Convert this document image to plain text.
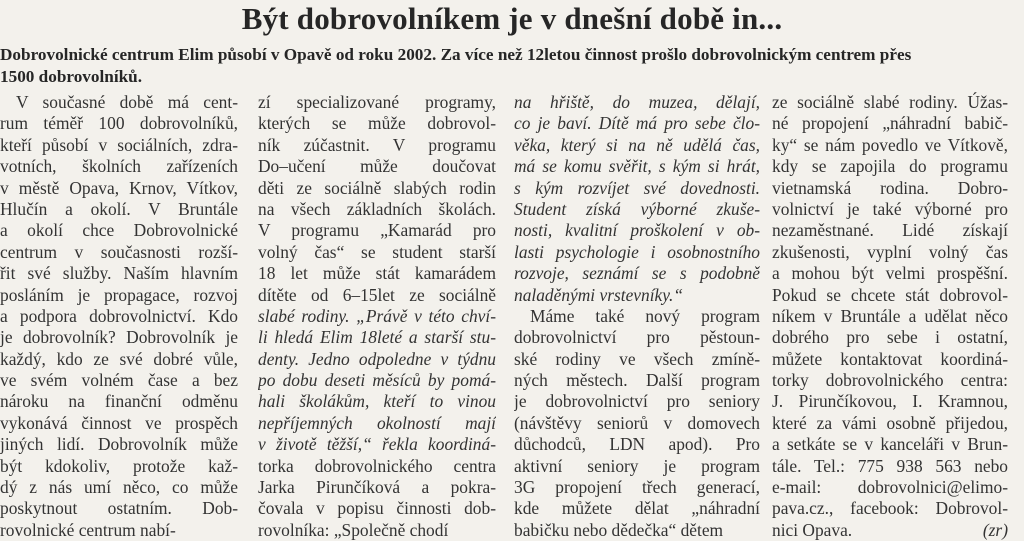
Být dobrovolníkem je v dnešní době in...
Dobrovolnické centrum Elim působí v Opavě od roku 2002. Za více než 12letou činnost prošlo dobrovolnickým centrem přes
1500 dobrovolníků.
V současné době má cent-
rum téměř 100 dobrovolníků,
kteří působí v sociálních, zdra-
votních, školních zařízeních
v městě Opava, Krnov, Vítkov,
Hlučín a okolí. V Bruntále
a okolí chce Dobrovolnické
centrum v současnosti rozší-
řit své služby. Naším hlavním
posláním je propagace, rozvoj
a podpora dobrovolnictví. Kdo
je dobrovolník? Dobrovolník je
každý, kdo ze své dobré vůle,
ve svém volném čase a bez
nároku na finanční odměnu
vykonává činnost ve prospěch
jiných lidí. Dobrovolník může
být kdokoliv, protože kaž-
dý z nás umí něco, co může
poskytnout ostatním. Dob-
rovolnické centrum nabí-
zí specializované programy,
kterých se může dobrovol-
ník zúčastnit. V programu
Do–učení může doučovat
děti ze sociálně slabých rodin
na všech základních školách.
V programu „Kamarád pro
volný čas“ se student starší
18 let může stát kamarádem
dítěte od 6–15let ze sociálně
slabé rodiny. „Právě v této chví-
li hledá Elim 18leté a starší stu-
denty. Jedno odpoledne v týdnu
po dobu deseti měsíců by pomá-
hali školákům, kteří to vinou
nepříjemných okolností mají
v životě těžší,“ řekla koordiná-
torka dobrovolnického centra
Jarka Pirunčíková a pokra-
čovala v popisu činnosti dob-
rovolníka: „Společně chodí
na hřiště, do muzea, dělají,
co je baví. Dítě má pro sebe člo-
věka, který si na ně udělá čas,
má se komu svěřit, s kým si hrát,
s kým rozvíjet své dovednosti.
Student získá výborné zkuše-
nosti, kvalitní proškolení v ob-
lasti psychologie i osobnostního
rozvoje, seznámí se s podobně
naladěnými vrstevníky.“
Máme také nový program
dobrovolnictví pro pěstoun-
ské rodiny ve všech zmíně-
ných městech. Další program
je dobrovolnictví pro seniory
(návštěvy seniorů v domovech
důchodců, LDN apod). Pro
aktivní seniory je program
3G propojení třech generací,
kde můžete dělat „náhradní
babičku nebo dědečka“ dětem
ze sociálně slabé rodiny. Úžas-
né propojení „náhradní babič-
ky“ se nám povedlo ve Vítkově,
kdy se zapojila do programu
vietnamská rodina. Dobro-
volnictví je také výborné pro
nezaměstnané. Lidé získají
zkušenosti, vyplní volný čas
a mohou být velmi prospěšní.
Pokud se chcete stát dobrovol-
níkem v Bruntále a udělat něco
dobrého pro sebe i ostatní,
můžete kontaktovat koordiná-
torky dobrovolnického centra:
J. Pirunčíkovou, I. Kramnou,
které za vámi osobně přijedou,
a setkáte se v kanceláři v Brun-
tále. Tel.: 775 938 563 nebo
e-mail: dobrovolnici@elimo-
pava.cz., facebook: Dobrovol-
nici Opava.	(zr)
